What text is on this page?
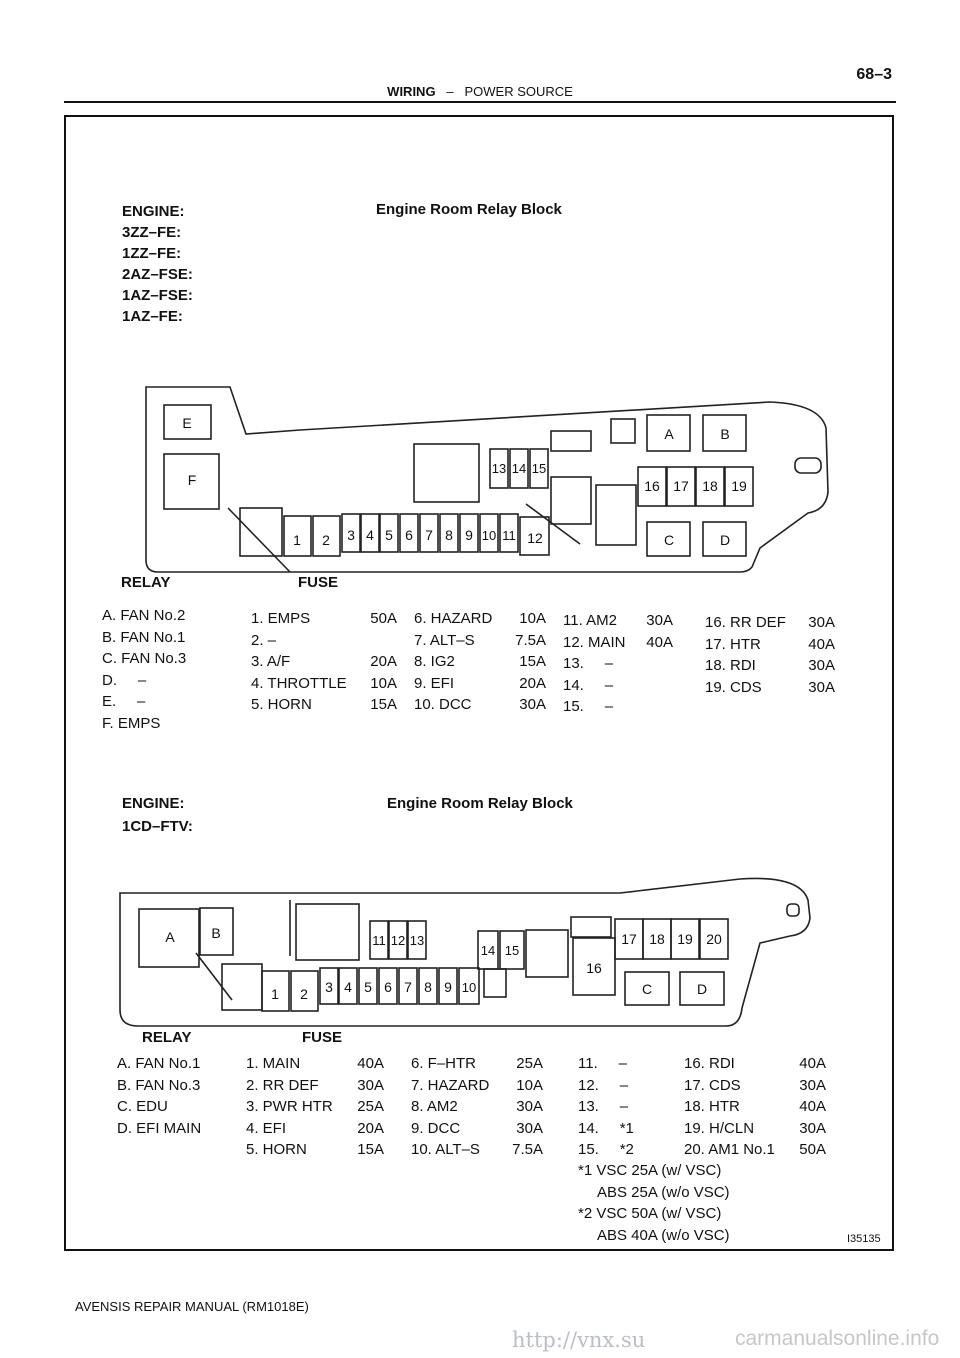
WIRING – POWER SOURCE
68–3
ENGINE:
3ZZ–FE:
1ZZ–FE:
2AZ–FSE:
1AZ–FSE:
1AZ–FE:
Engine Room Relay Block
E
F
A	B
C	D
1 2 3 4 5 6 7 8 9 10 11 12
13 14 15
16 17 18 19
A	B
C	D
1 2 3 4 5 6 7 8 9 10
11 12 13
14 15
16
17 18 19 20
RELAY	FUSE
A. FAN No.2
B. FAN No.1
C. FAN No.3
D.     –
E.     –
F. EMPS
1. EMPS	50A
2. –
3. A/F	20A
4. THROTTLE	10A
5. HORN	15A
6. HAZARD	10A
7. ALT–S	7.5A
8. IG2	15A
9. EFI	20A
10. DCC	30A
11. AM2	30A
12. MAIN	40A
13.     –
14.     –
15.     –
16. RR DEF	30A
17. HTR	40A
18. RDI	30A
19. CDS	30A
ENGINE:
1CD–FTV:
Engine Room Relay Block
RELAY	FUSE
A. FAN No.1
B. FAN No.3
C. EDU
D. EFI MAIN
1. MAIN	40A
2. RR DEF	30A
3. PWR HTR	25A
4. EFI	20A
5. HORN	15A
6. F–HTR	25A
7. HAZARD	10A
8. AM2	30A
9. DCC	30A
10. ALT–S	7.5A
11.     –
12.     –
13.     –
14.     *1
15.     *2
16. RDI	40A
17. CDS	30A
18. HTR	40A
19. H/CLN	30A
20. AM1 No.1	50A
*1 VSC 25A (w/ VSC)
ABS 25A (w/o VSC)
*2 VSC 50A (w/ VSC)
ABS 40A (w/o VSC)	I35135
AVENSIS REPAIR MANUAL (RM1018E)
http://vnx.su	carmanualsonline.info
